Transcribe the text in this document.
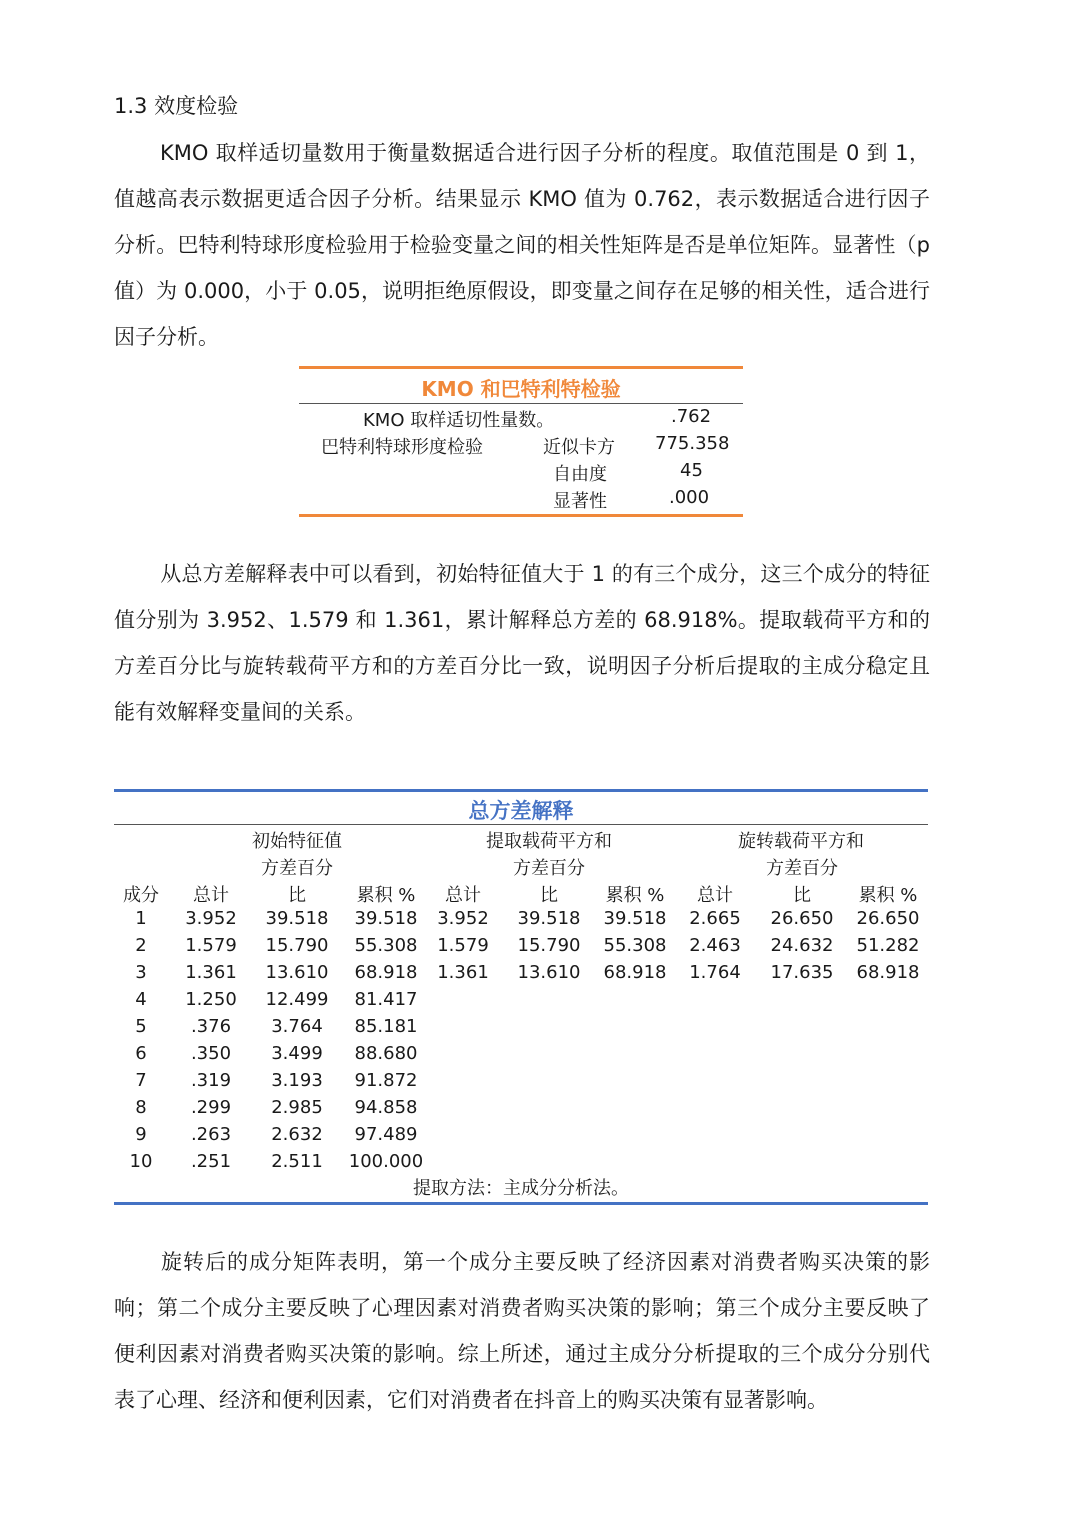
1.3 效度检验

KMO 取样适切量数用于衡量数据适合进行因子分析的程度。取值范围是 0 到 1，值越高表示数据更适合因子分析。结果显示 KMO 值为 0.762，表示数据适合进行因子分析。巴特利特球形度检验用于检验变量之间的相关性矩阵是否是单位矩阵。显著性（p 值）为 0.000，小于 0.05，说明拒绝原假设，即变量之间存在足够的相关性，适合进行因子分析。

KMO 和巴特利特检验
KMO 取样适切性量数。	.762
巴特利特球形度检验	近似卡方 775.358
自由度	45
显著性	.000

从总方差解释表中可以看到，初始特征值大于 1 的有三个成分，这三个成分的特征值分别为 3.952、1.579 和 1.361，累计解释总方差的 68.918%。提取载荷平方和的方差百分比与旋转载荷平方和的方差百分比一致，说明因子分析后提取的主成分稳定且能有效解释变量间的关系。

总方差解释
初始特征值	提取载荷平方和	旋转载荷平方和
方差百分	方差百分	方差百分
成分	总计	比	累积 %	总计	比	累积 %	总计	比	累积 %
1	3.952	39.518	39.518	3.952	39.518	39.518	2.665	26.650	26.650
2	1.579	15.790	55.308	1.579	15.790	55.308	2.463	24.632	51.282
3	1.361	13.610	68.918	1.361	13.610	68.918	1.764	17.635	68.918
4	1.250	12.499	81.417
5	.376	3.764	85.181
6	.350	3.499	88.680
7	.319	3.193	91.872
8	.299	2.985	94.858
9	.263	2.632	97.489
10	.251	2.511	100.000
提取方法：主成分分析法。

旋转后的成分矩阵表明，第一个成分主要反映了经济因素对消费者购买决策的影响；第二个成分主要反映了心理因素对消费者购买决策的影响；第三个成分主要反映了便利因素对消费者购买决策的影响。综上所述，通过主成分分析提取的三个成分分别代表了心理、经济和便利因素，它们对消费者在抖音上的购买决策有显著影响。
